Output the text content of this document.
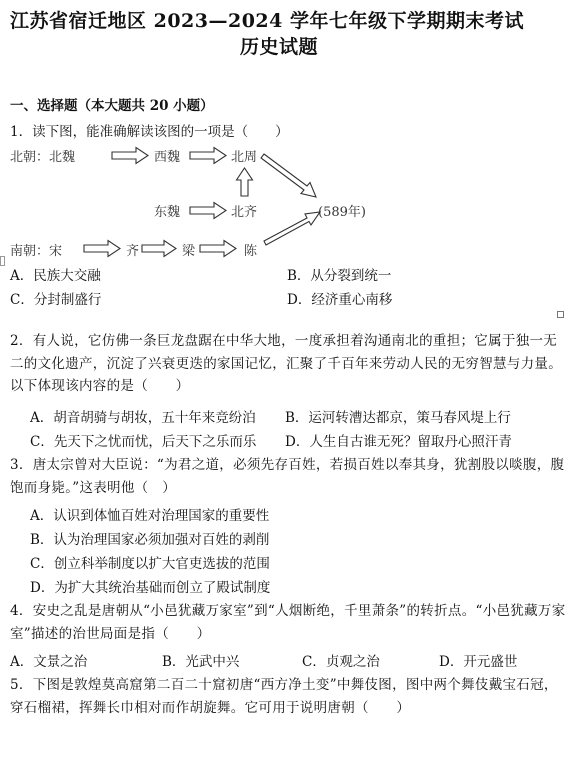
江苏省宿迁地区 2023—2024 学年七年级下学期期末考试
历史试题
一、选择题（本大题共 20 小题）
1．读下图，能准确解读该图的一项是（　　）
北朝：北魏	西魏	北周
东魏	北齐	(589年)
南朝：宋	齐	梁	陈
A．民族大交融	B．从分裂到统一
C．分封制盛行	D．经济重心南移
2．有人说，它仿佛一条巨龙盘踞在中华大地，一度承担着沟通南北的重担；它属于独一无二的文化遗产，沉淀了兴衰更迭的家国记忆，汇聚了千百年来劳动人民的无穷智慧与力量。以下体现该内容的是（　　）
A．胡音胡骑与胡妆，五十年来竞纷泊 B．运河转漕达都京，策马春风堤上行
C．先天下之忧而忧，后天下之乐而乐 D．人生自古谁无死？留取丹心照汗青
3．唐太宗曾对大臣说：“为君之道，必须先存百姓，若损百姓以奉其身，犹割股以啖腹，腹饱而身毙。”这表明他（　）
A．认识到体恤百姓对治理国家的重要性
B．认为治理国家必须加强对百姓的剥削
C．创立科举制度以扩大官吏选拔的范围
D．为扩大其统治基础而创立了殿试制度
4．安史之乱是唐朝从“小邑犹藏万家室”到“人烟断绝，千里萧条”的转折点。“小邑犹藏万家室”描述的治世局面是指（　　）
A．文景之治	B．光武中兴	C．贞观之治	D．开元盛世
5．下图是敦煌莫高窟第二百二十窟初唐“西方净土变”中舞伎图，图中两个舞伎戴宝石冠，穿石榴裙，挥舞长巾相对而作胡旋舞。它可用于说明唐朝（　　）
